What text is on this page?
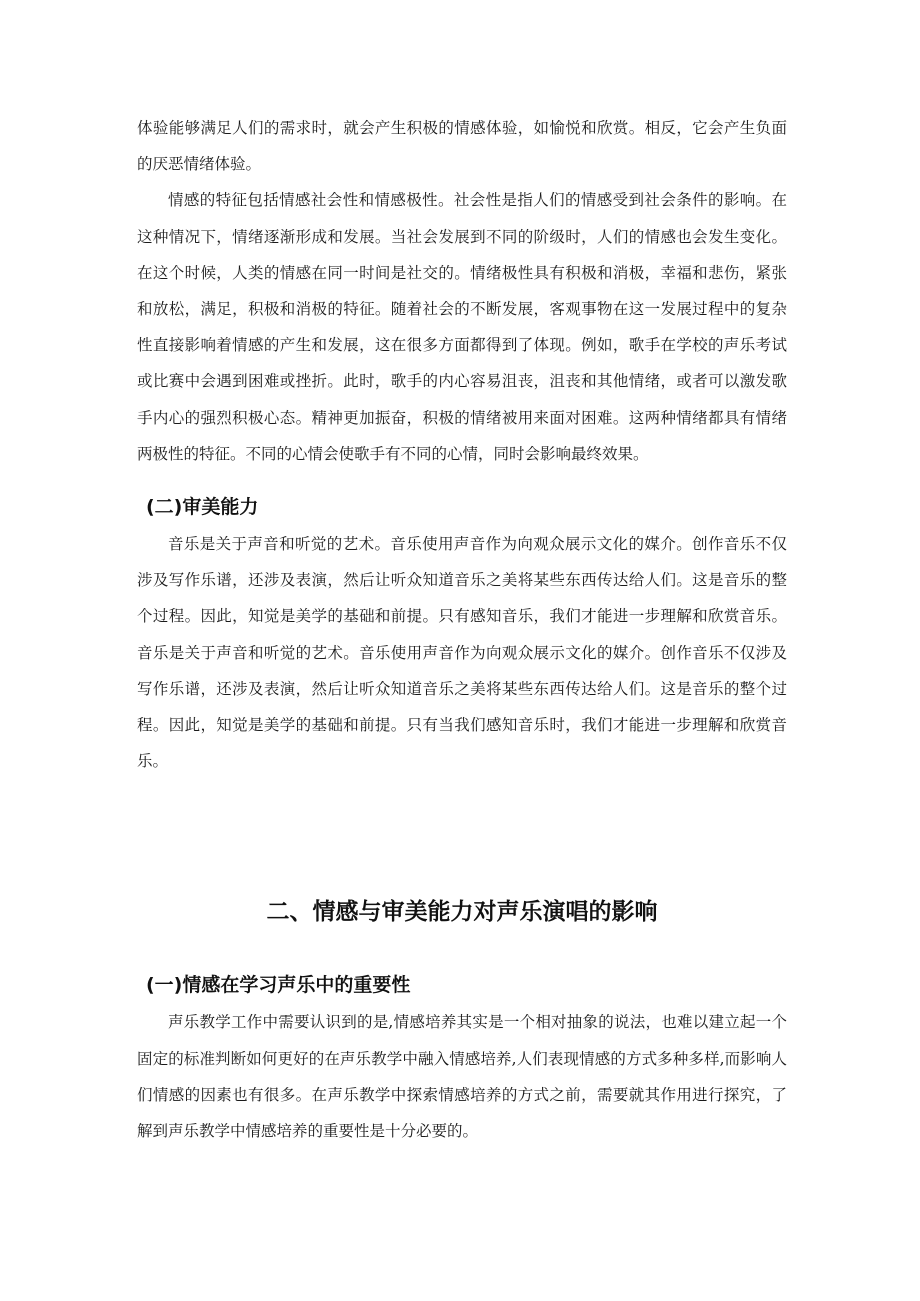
体验能够满足人们的需求时，就会产生积极的情感体验，如愉悦和欣赏。相反，它会产生负面的厌恶情绪体验。

情感的特征包括情感社会性和情感极性。社会性是指人们的情感受到社会条件的影响。在这种情况下，情绪逐渐形成和发展。当社会发展到不同的阶级时，人们的情感也会发生变化。在这个时候，人类的情感在同一时间是社交的。情绪极性具有积极和消极，幸福和悲伤，紧张和放松，满足，积极和消极的特征。随着社会的不断发展，客观事物在这一发展过程中的复杂性直接影响着情感的产生和发展，这在很多方面都得到了体现。例如，歌手在学校的声乐考试或比赛中会遇到困难或挫折。此时，歌手的内心容易沮丧，沮丧和其他情绪，或者可以激发歌手内心的强烈积极心态。精神更加振奋，积极的情绪被用来面对困难。这两种情绪都具有情绪两极性的特征。不同的心情会使歌手有不同的心情，同时会影响最终效果。

(二)审美能力

音乐是关于声音和听觉的艺术。音乐使用声音作为向观众展示文化的媒介。创作音乐不仅涉及写作乐谱，还涉及表演，然后让听众知道音乐之美将某些东西传达给人们。这是音乐的整个过程。因此，知觉是美学的基础和前提。只有感知音乐，我们才能进一步理解和欣赏音乐。音乐是关于声音和听觉的艺术。音乐使用声音作为向观众展示文化的媒介。创作音乐不仅涉及写作乐谱，还涉及表演，然后让听众知道音乐之美将某些东西传达给人们。这是音乐的整个过程。因此，知觉是美学的基础和前提。只有当我们感知音乐时，我们才能进一步理解和欣赏音乐。

二、情感与审美能力对声乐演唱的影响
(一)情感在学习声乐中的重要性

声乐教学工作中需要认识到的是,情感培养其实是一个相对抽象的说法，也难以建立起一个固定的标准判断如何更好的在声乐教学中融入情感培养,人们表现情感的方式多种多样,而影响人们情感的因素也有很多。在声乐教学中探索情感培养的方式之前，需要就其作用进行探究，了解到声乐教学中情感培养的重要性是十分必要的。
